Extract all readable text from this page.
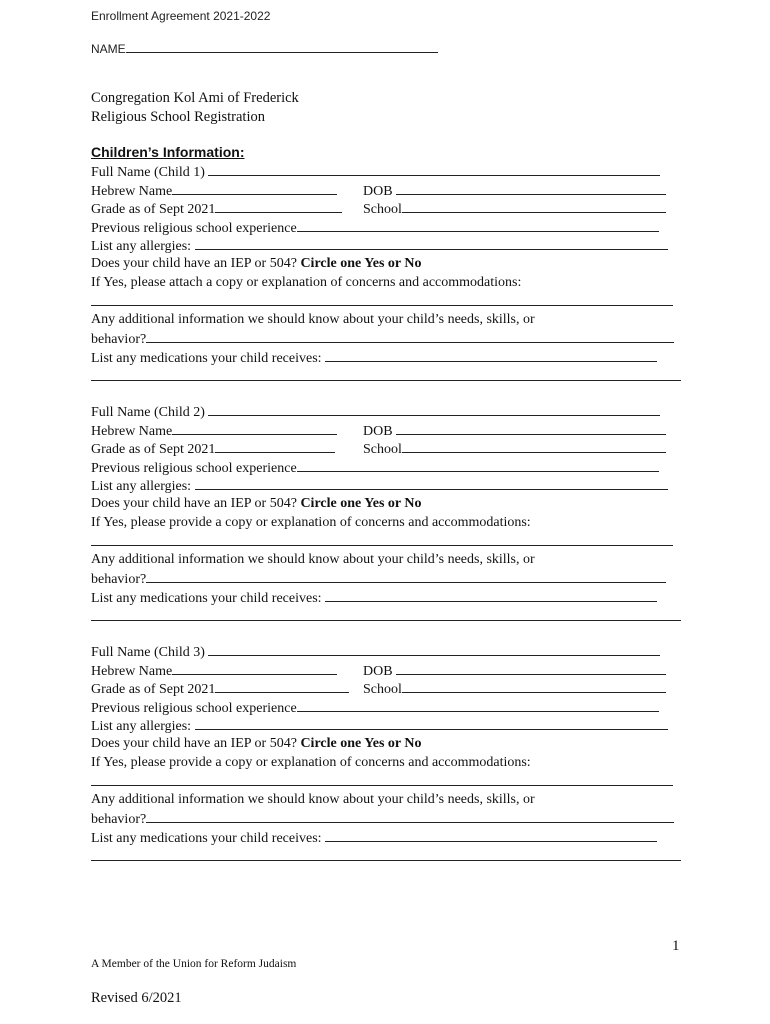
Enrollment Agreement 2021-2022
NAME
Congregation Kol Ami of Frederick
Religious School Registration
Children’s Information:
Full Name (Child 1)
Hebrew Name	DOB
Grade as of Sept 2021	School
Previous religious school experience
List any allergies:
Does your child have an IEP or 504? Circle one Yes or No
If Yes, please attach a copy or explanation of concerns and accommodations:
Any additional information we should know about your child’s needs, skills, or
behavior?
List any medications your child receives:
Full Name (Child 2)
Hebrew Name	DOB
Grade as of Sept 2021	School
Previous religious school experience
List any allergies:
Does your child have an IEP or 504? Circle one Yes or No
If Yes, please provide a copy or explanation of concerns and accommodations:
Any additional information we should know about your child’s needs, skills, or
behavior?
List any medications your child receives:
Full Name (Child 3)
Hebrew Name	DOB
Grade as of Sept 2021	School
Previous religious school experience
List any allergies:
Does your child have an IEP or 504? Circle one Yes or No
If Yes, please provide a copy or explanation of concerns and accommodations:
Any additional information we should know about your child’s needs, skills, or
behavior?
List any medications your child receives:
1
A Member of the Union for Reform Judaism
Revised 6/2021
